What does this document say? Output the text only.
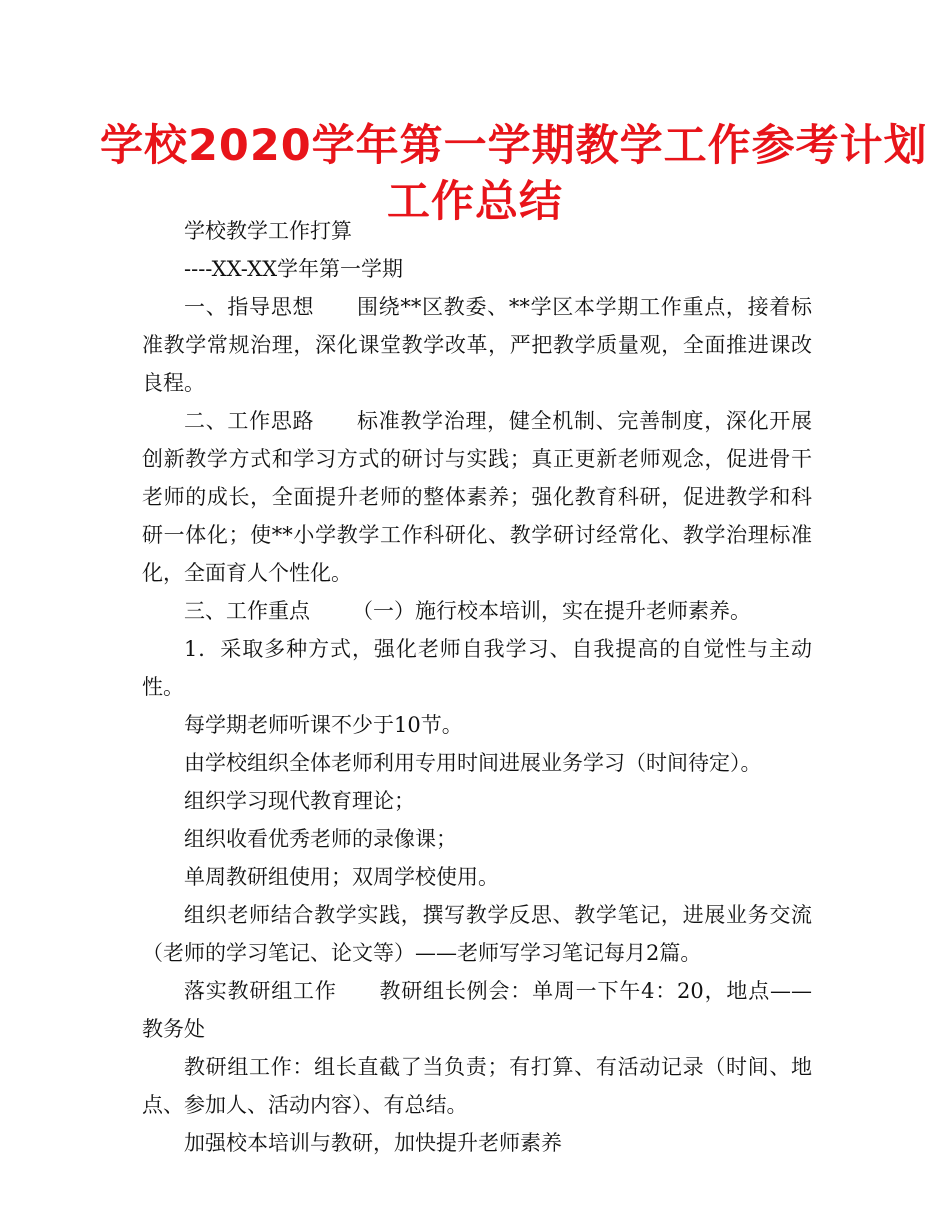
学校2020学年第一学期教学工作参考计划
工作总结

学校教学工作打算

----XX-XX学年第一学期

一、指导思想 围绕**区教委、**学区本学期工作重点，接着标准教学常规治理，深化课堂教学改革，严把教学质量观，全面推进课改良程。

二、工作思路 标准教学治理，健全机制、完善制度，深化开展创新教学方式和学习方式的研讨与实践；真正更新老师观念，促进骨干老师的成长，全面提升老师的整体素养；强化教育科研，促进教学和科研一体化；使**小学教学工作科研化、教学研讨经常化、教学治理标准化，全面育人个性化。

三、工作重点 （一）施行校本培训，实在提升老师素养。

1．采取多种方式，强化老师自我学习、自我提高的自觉性与主动性。

每学期老师听课不少于10节。

由学校组织全体老师利用专用时间进展业务学习（时间待定）。

组织学习现代教育理论；

组织收看优秀老师的录像课；

单周教研组使用；双周学校使用。

组织老师结合教学实践，撰写教学反思、教学笔记，进展业务交流（老师的学习笔记、论文等）——老师写学习笔记每月2篇。

落实教研组工作 教研组长例会：单周一下午4：20，地点——教务处

教研组工作：组长直截了当负责；有打算、有活动记录（时间、地点、参加人、活动内容）、有总结。

加强校本培训与教研，加快提升老师素养
